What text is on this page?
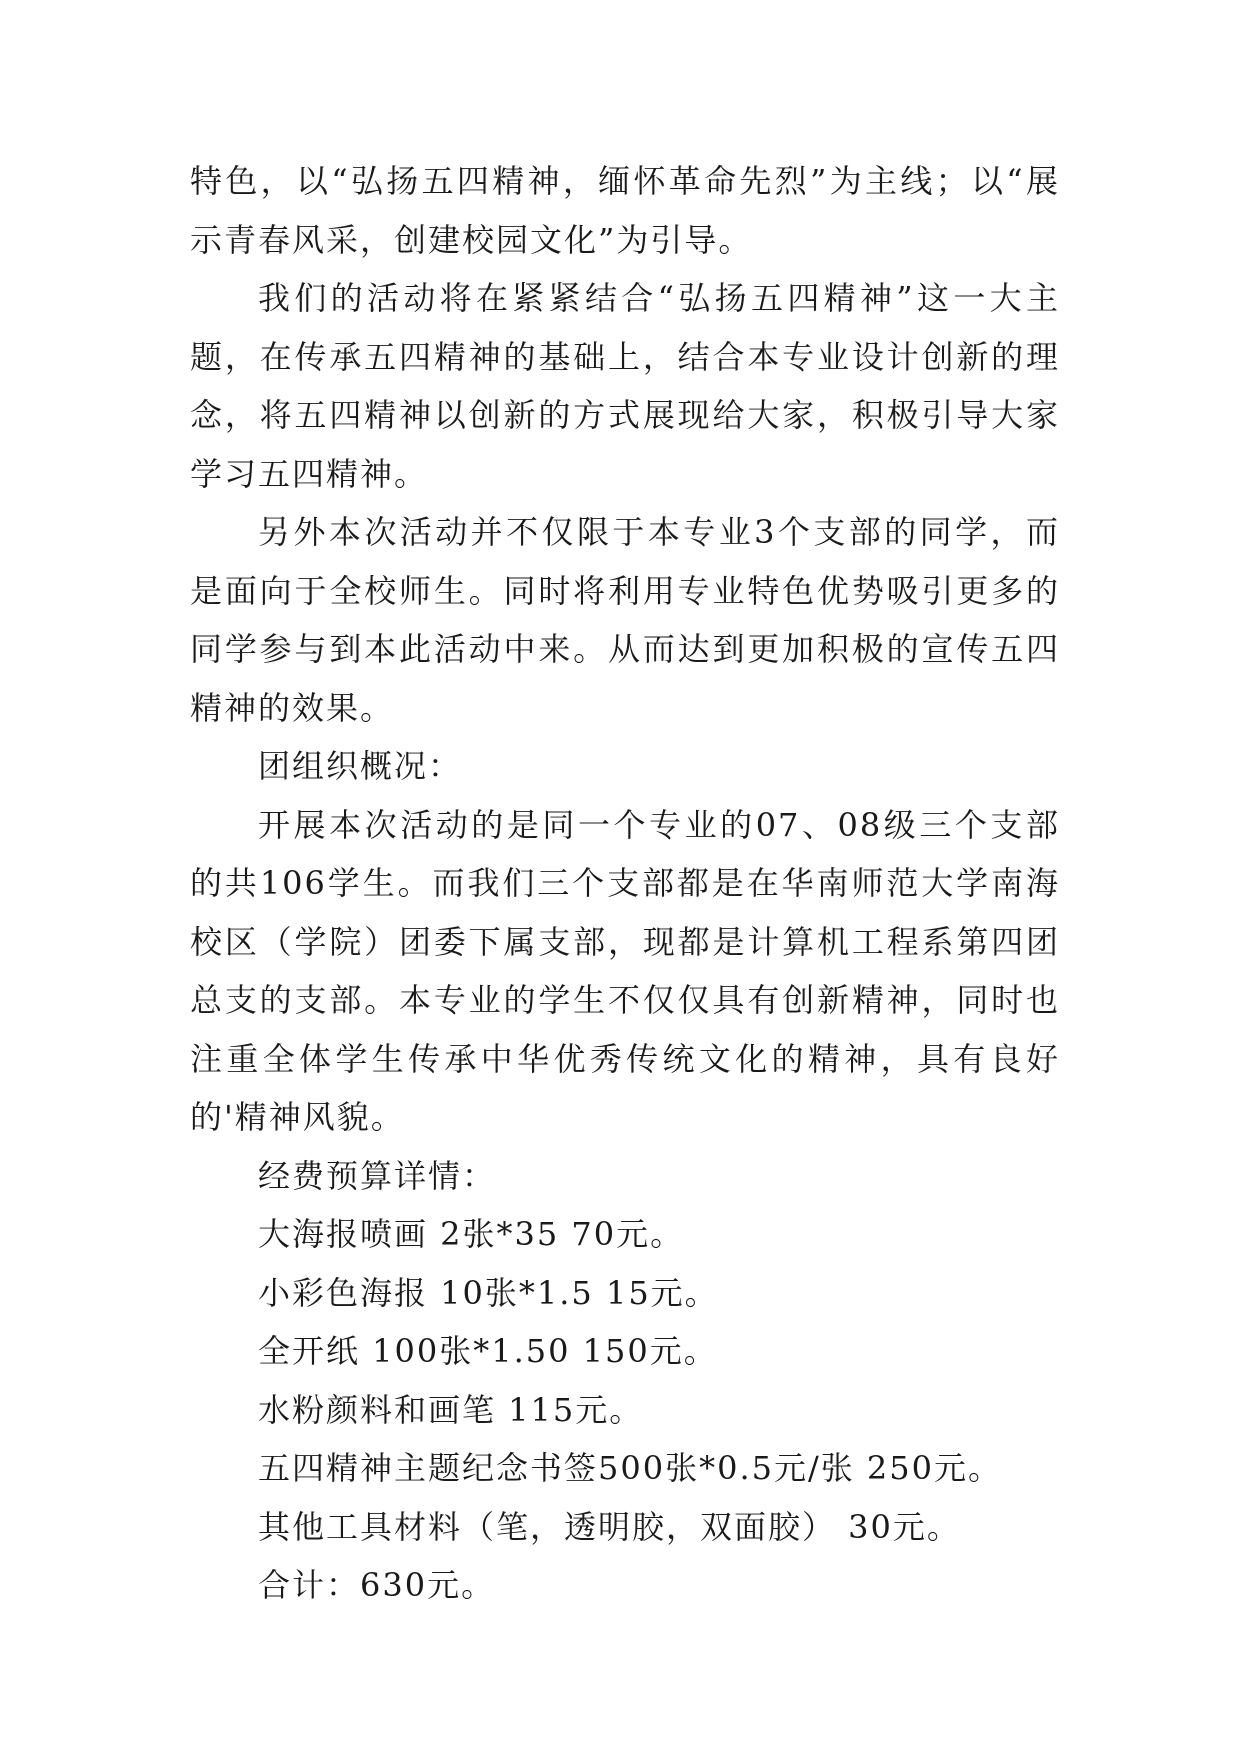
特色，以“弘扬五四精神，缅怀革命先烈”为主线；以“展示青春风采，创建校园文化”为引导。

我们的活动将在紧紧结合“弘扬五四精神”这一大主题，在传承五四精神的基础上，结合本专业设计创新的理念，将五四精神以创新的方式展现给大家，积极引导大家学习五四精神。

另外本次活动并不仅限于本专业3个支部的同学，而是面向于全校师生。同时将利用专业特色优势吸引更多的同学参与到本此活动中来。从而达到更加积极的宣传五四精神的效果。

团组织概况：

开展本次活动的是同一个专业的07、08级三个支部的共106学生。而我们三个支部都是在华南师范大学南海校区（学院）团委下属支部，现都是计算机工程系第四团总支的支部。本专业的学生不仅仅具有创新精神，同时也注重全体学生传承中华优秀传统文化的精神，具有良好的'精神风貌。

经费预算详情：

大海报喷画 2张*35 70元。

小彩色海报 10张*1.5 15元。

全开纸 100张*1.50 150元。

水粉颜料和画笔 115元。

五四精神主题纪念书签500张*0.5元/张 250元。

其他工具材料（笔，透明胶，双面胶） 30元。

合计：630元。
